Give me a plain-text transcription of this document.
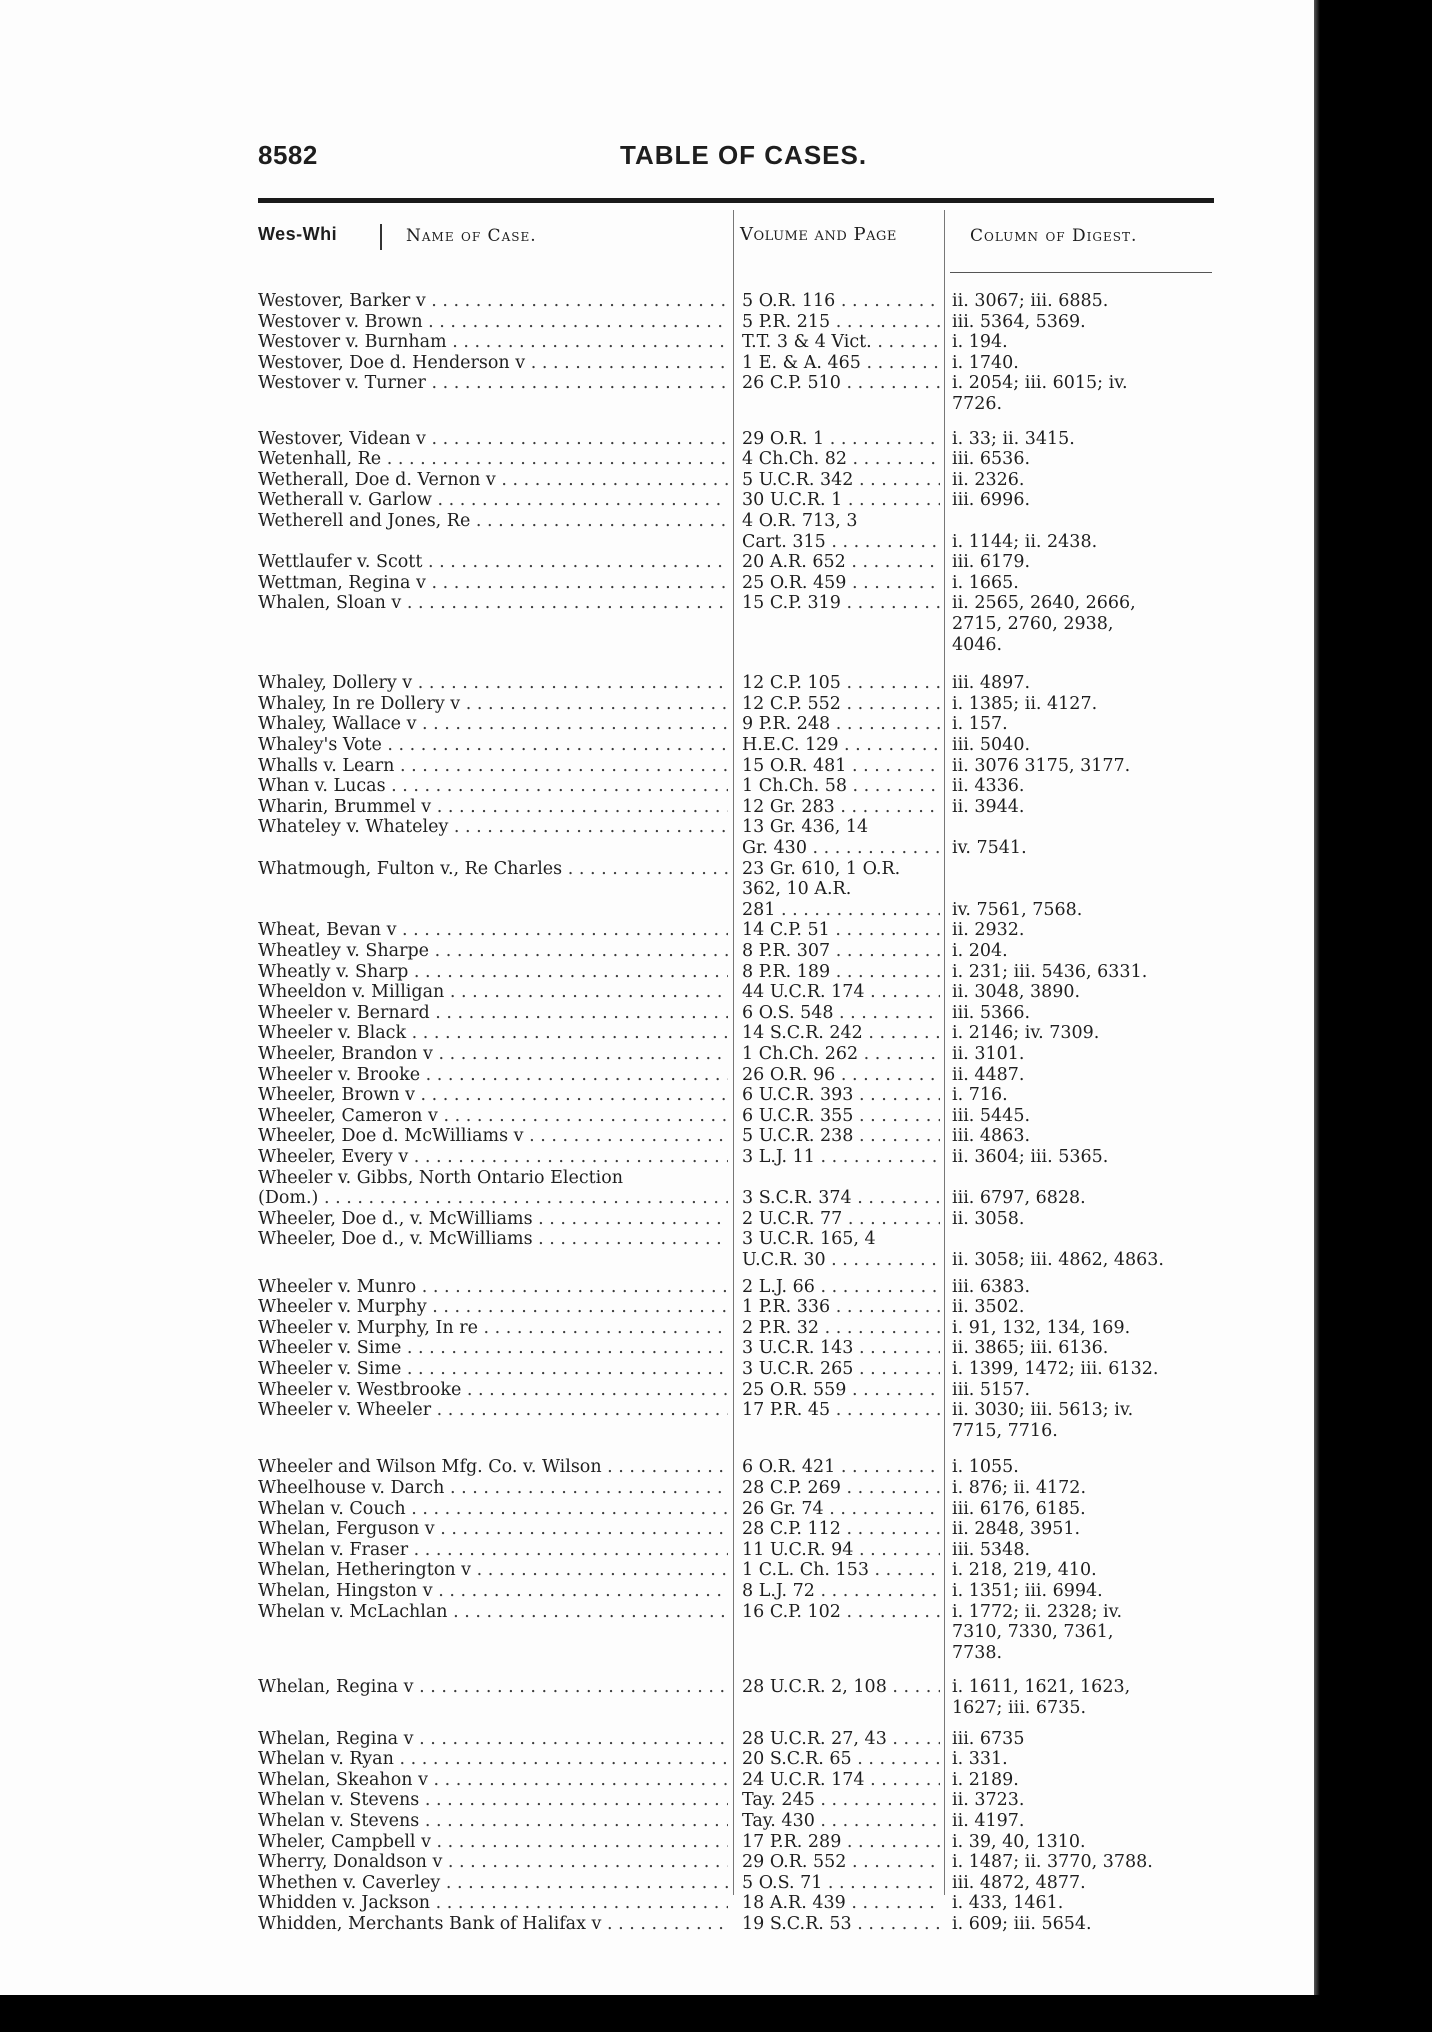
8582	TABLE OF CASES.
Wes-Whi	Name of Case.	Volume and Page	Column of Digest.
Westover, Barker v . . .	5 O.R. 116 . . .	ii. 3067; iii. 6885.
Westover v. Brown . . .	5 P.R. 215 . . .	iii. 5364, 5369.
Westover v. Burnham . . .	T.T. 3 & 4 Vict. . . .	i. 194.
Westover, Doe d. Henderson v . . .	1 E. & A. 465 . . .	i. 1740.
Westover v. Turner . . .	26 C.P. 510 . . .	i. 2054; iii. 6015; iv.
7726.
Westover, Videan v . . .	29 O.R. 1 . . .	i. 33; ii. 3415.
Wetenhall, Re . . .	4 Ch.Ch. 82 . . .	iii. 6536.
Wetherall, Doe d. Vernon v . . .	5 U.C.R. 342 . . .	ii. 2326.
Wetherall v. Garlow . . .	30 U.C.R. 1 . . .	iii. 6996.
Wetherell and Jones, Re . . .	4 O.R. 713, 3
Cart. 315 . . .	i. 1144; ii. 2438.
Wettlaufer v. Scott . . .	20 A.R. 652 . . .	iii. 6179.
Wettman, Regina v . . .	25 O.R. 459 . . .	i. 1665.
Whalen, Sloan v . . .	15 C.P. 319 . . .	ii. 2565, 2640, 2666,
2715, 2760, 2938,
4046.
Whaley, Dollery v . . .	12 C.P. 105 . . .	iii. 4897.
Whaley, In re Dollery v . . .	12 C.P. 552 . . .	i. 1385; ii. 4127.
Whaley, Wallace v . . .	9 P.R. 248 . . .	i. 157.
Whaley's Vote . . .	H.E.C. 129 . . .	iii. 5040.
Whalls v. Learn . . .	15 O.R. 481 . . .	ii. 3076 3175, 3177.
Whan v. Lucas . . .	1 Ch.Ch. 58 . . .	ii. 4336.
Wharin, Brummel v . . .	12 Gr. 283 . . .	ii. 3944.
Whateley v. Whateley . . .	13 Gr. 436, 14
Gr. 430 . . .	iv. 7541.
Whatmough, Fulton v., Re Charles . . .	23 Gr. 610, 1 O.R.
362, 10 A.R.
281 . . .	iv. 7561, 7568.
Wheat, Bevan v . . .	14 C.P. 51 . . .	ii. 2932.
Wheatley v. Sharpe . . .	8 P.R. 307 . . .	i. 204.
Wheatly v. Sharp . . .	8 P.R. 189 . . .	i. 231; iii. 5436, 6331.
Wheeldon v. Milligan . . .	44 U.C.R. 174 . . .	ii. 3048, 3890.
Wheeler v. Bernard . . .	6 O.S. 548 . . .	iii. 5366.
Wheeler v. Black . . .	14 S.C.R. 242 . . .	i. 2146; iv. 7309.
Wheeler, Brandon v . . .	1 Ch.Ch. 262 . . .	ii. 3101.
Wheeler v. Brooke . . .	26 O.R. 96 . . .	ii. 4487.
Wheeler, Brown v . . .	6 U.C.R. 393 . . .	i. 716.
Wheeler, Cameron v . . .	6 U.C.R. 355 . . .	iii. 5445.
Wheeler, Doe d. McWilliams v . . .	5 U.C.R. 238 . . .	iii. 4863.
Wheeler, Every v . . .	3 L.J. 11 . . .	ii. 3604; iii. 5365.
Wheeler v. Gibbs, North Ontario Election
(Dom.) . . .	3 S.C.R. 374 . . .	iii. 6797, 6828.
Wheeler, Doe d., v. McWilliams . . .	2 U.C.R. 77 . . .	ii. 3058.
Wheeler, Doe d., v. McWilliams . . .	3 U.C.R. 165, 4
U.C.R. 30 . . .	ii. 3058; iii. 4862, 4863.
Wheeler v. Munro . . .	2 L.J. 66 . . .	iii. 6383.
Wheeler v. Murphy . . .	1 P.R. 336 . . .	ii. 3502.
Wheeler v. Murphy, In re . . .	2 P.R. 32 . . .	i. 91, 132, 134, 169.
Wheeler v. Sime . . .	3 U.C.R. 143 . . .	ii. 3865; iii. 6136.
Wheeler v. Sime . . .	3 U.C.R. 265 . . .	i. 1399, 1472; iii. 6132.
Wheeler v. Westbrooke . . .	25 O.R. 559 . . .	iii. 5157.
Wheeler v. Wheeler . . .	17 P.R. 45 . . .	ii. 3030; iii. 5613; iv.
7715, 7716.
Wheeler and Wilson Mfg. Co. v. Wilson . . .	6 O.R. 421 . . .	i. 1055.
Wheelhouse v. Darch . . .	28 C.P. 269 . . .	i. 876; ii. 4172.
Whelan v. Couch . . .	26 Gr. 74 . . .	iii. 6176, 6185.
Whelan, Ferguson v . . .	28 C.P. 112 . . .	ii. 2848, 3951.
Whelan v. Fraser . . .	11 U.C.R. 94 . . .	iii. 5348.
Whelan, Hetherington v . . .	1 C.L. Ch. 153 . . .	i. 218, 219, 410.
Whelan, Hingston v . . .	8 L.J. 72 . . .	i. 1351; iii. 6994.
Whelan v. McLachlan . . .	16 C.P. 102 . . .	i. 1772; ii. 2328; iv.
7310, 7330, 7361,
7738.
Whelan, Regina v . . .	28 U.C.R. 2, 108 . . .	i. 1611, 1621, 1623,
1627; iii. 6735.
Whelan, Regina v . . .	28 U.C.R. 27, 43 . . .	iii. 6735
Whelan v. Ryan . . .	20 S.C.R. 65 . . .	i. 331.
Whelan, Skeahon v . . .	24 U.C.R. 174 . . .	i. 2189.
Whelan v. Stevens . . .	Tay. 245 . . .	ii. 3723.
Whelan v. Stevens . . .	Tay. 430 . . .	ii. 4197.
Wheler, Campbell v . . .	17 P.R. 289 . . .	i. 39, 40, 1310.
Wherry, Donaldson v . . .	29 O.R. 552 . . .	i. 1487; ii. 3770, 3788.
Whethen v. Caverley . . .	5 O.S. 71 . . .	iii. 4872, 4877.
Whidden v. Jackson . . .	18 A.R. 439 . . .	i. 433, 1461.
Whidden, Merchants Bank of Halifax v . . .	19 S.C.R. 53 . . .	i. 609; iii. 5654.
